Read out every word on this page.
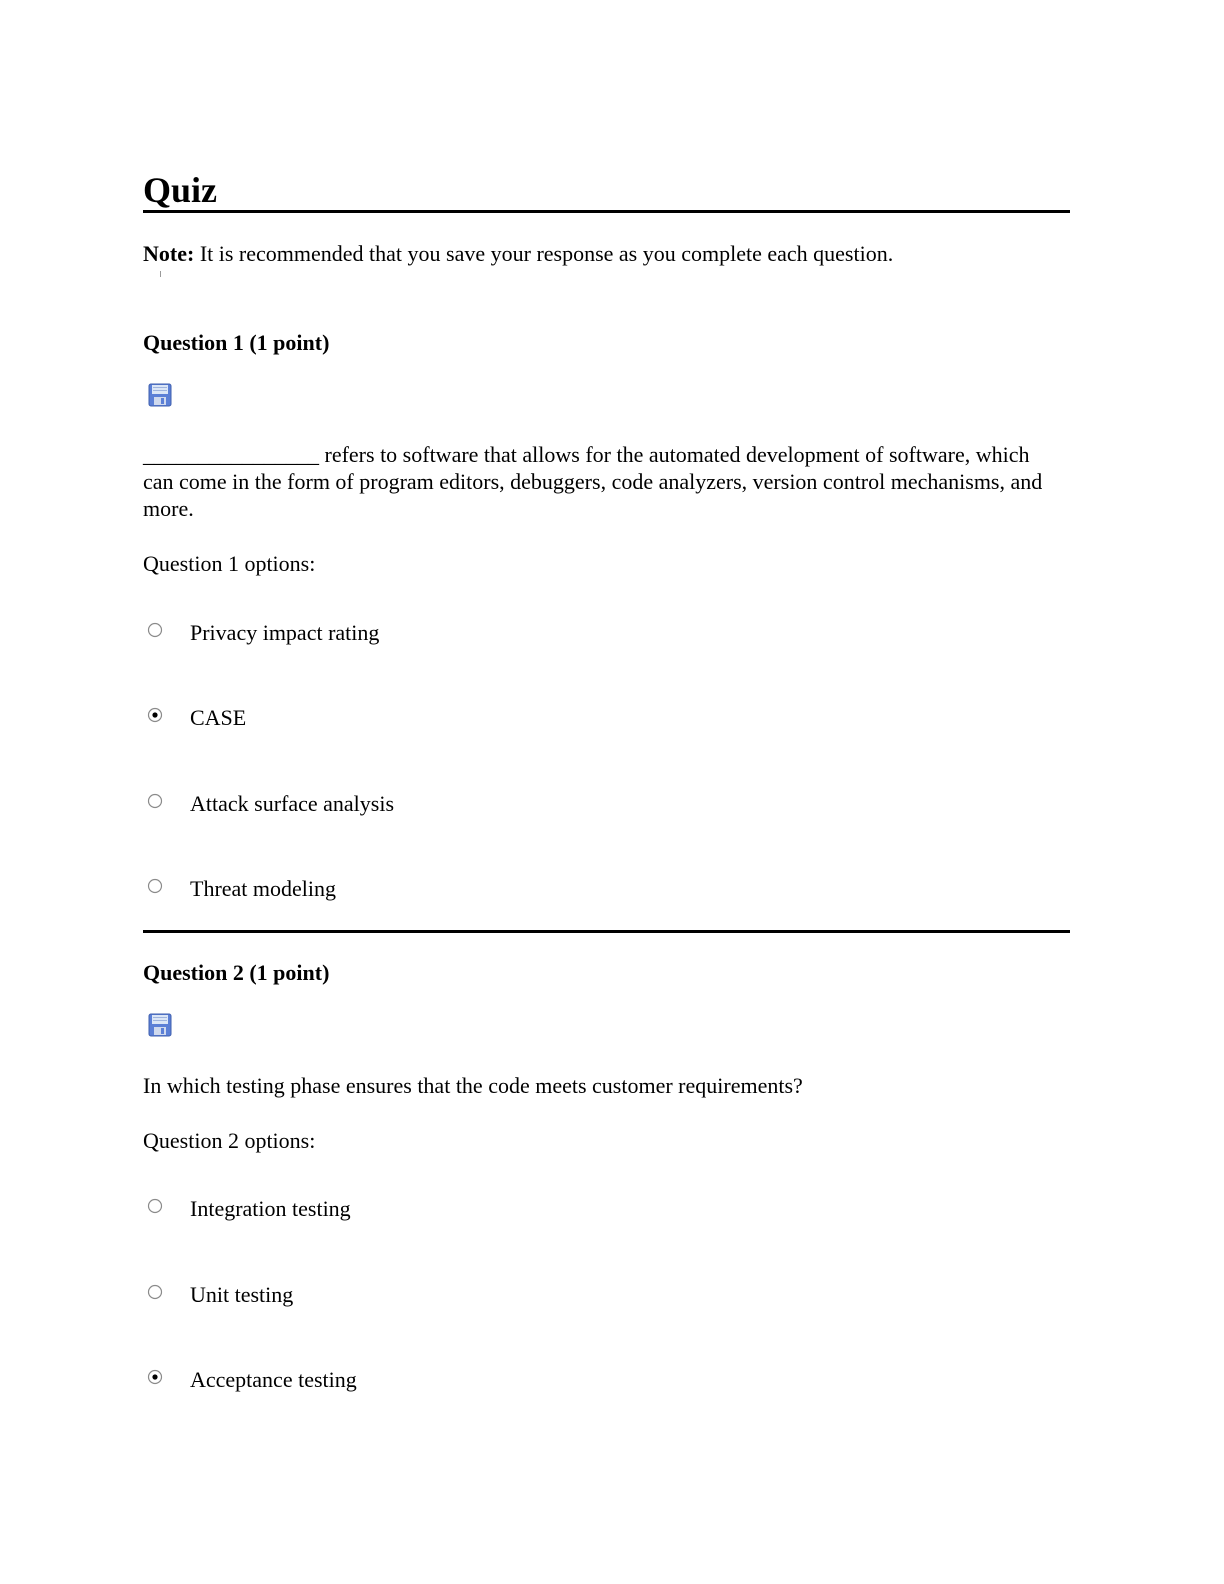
Quiz
Note: It is recommended that you save your response as you complete each question.
Question 1 (1 point)
________________ refers to software that allows for the automated development of software, which can come in the form of program editors, debuggers, code analyzers, version control mechanisms, and more.
Question 1 options:
Privacy impact rating
CASE
Attack surface analysis
Threat modeling
Question 2 (1 point)
In which testing phase ensures that the code meets customer requirements?
Question 2 options:
Integration testing
Unit testing
Acceptance testing
